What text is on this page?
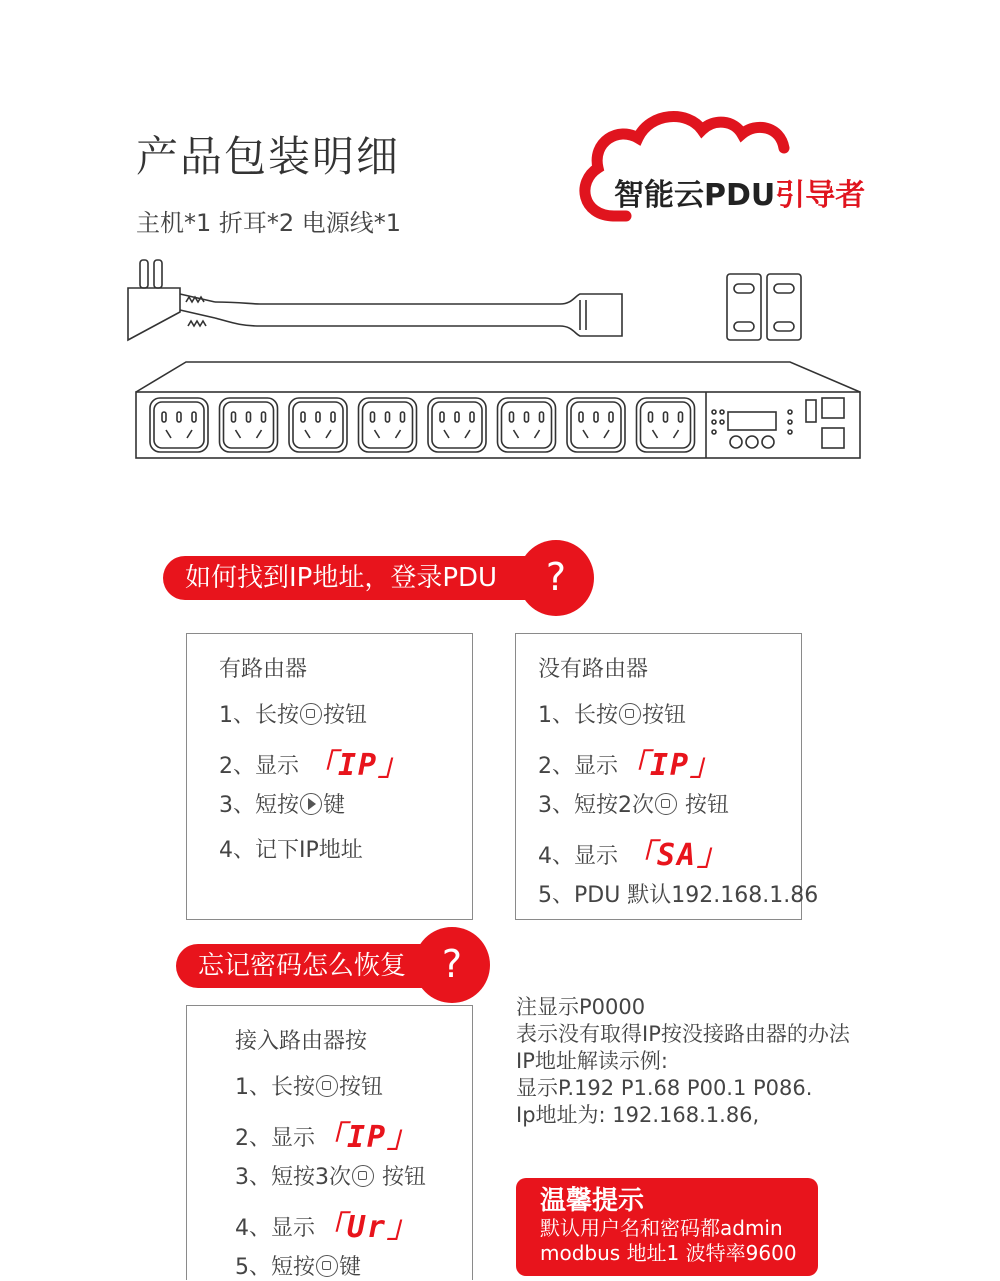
产品包装明细
主机*1 折耳*2 电源线*1
智能云PDU引导者
如何找到IP地址，登录PDU	?
有路由器
1、长按 按钮
2、显示 「IP」
3、短按 键
4、记下IP地址
没有路由器
1、长按 按钮
2、显示「IP」
3、短按2次 按钮
4、显示 「SA」
5、PDU 默认192.168.1.86
忘记密码怎么恢复 ?
接入路由器按
1、长按 按钮
2、显示「IP」
3、短按3次 按钮
4、显示「Ur」
5、短按 键
注显示P0000
表示没有取得IP按没接路由器的办法
IP地址解读示例:
显示P.192 P1.68 P00.1 P086.
Ip地址为: 192.168.1.86,
温馨提示
默认用户名和密码都admin
modbus 地址1 波特率9600
